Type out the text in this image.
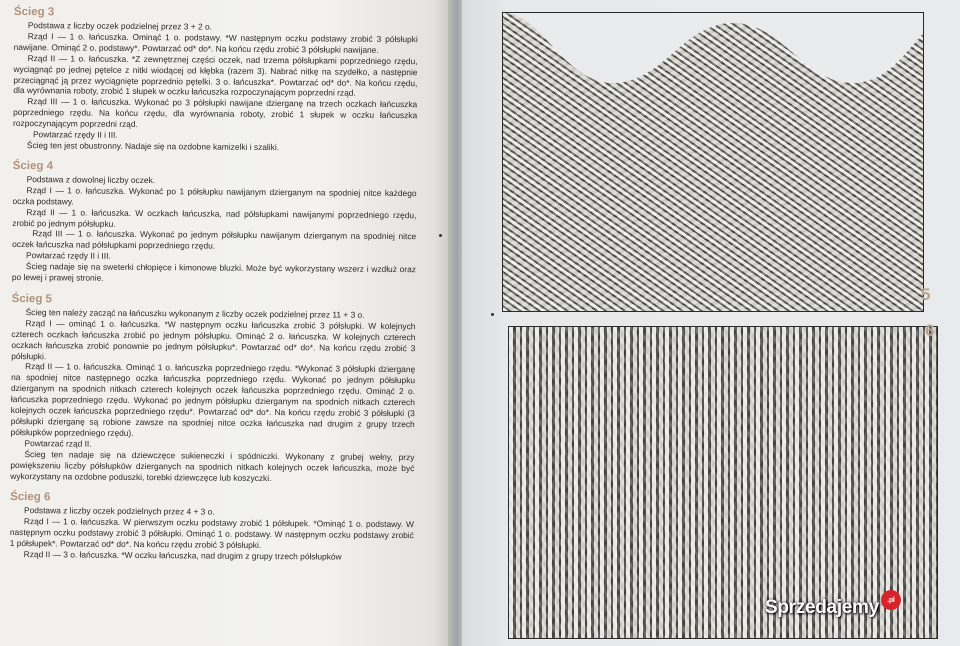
Ścieg 3

Podstawa z liczby oczek podzielnej przez 3 + 2 o.

Rząd I — 1 o. łańcuszka. Ominąć 1 o. podstawy. *W następnym oczku podstawy zrobić 3 półsłupki nawijane. Ominąć 2 o. podstawy*. Powtarzać od* do*. Na końcu rzędu zrobić 3 półsłupki nawijane.

Rząd II — 1 o. łańcuszka. *Z zewnętrznej części oczek, nad trzema półsłupkami poprzedniego rzędu, wyciągnąć po jednej pętelce z nitki wiodącej od kłębka (razem 3). Nabrać nitkę na szydełko, a następnie przeciągnąć ją przez wyciągnięte poprzednio pętelki. 3 o. łańcuszka*. Powtarzać od* do*. Na końcu rzędu, dla wyrównania roboty, zrobić 1 słupek w oczku łańcuszka rozpoczynającym poprzedni rząd.

Rząd III — 1 o. łańcuszka. Wykonać po 3 półsłupki nawijane dzierganę na trzech oczkach łańcuszka poprzedniego rzędu. Na końcu rzędu, dla wyrównania roboty, zrobić 1 słupek w oczku łańcuszka rozpoczynającym poprzedni rząd.

Powtarzać rzędy II i III.

Ścieg ten jest obustronny. Nadaje się na ozdobne kamizelki i szaliki.

Ścieg 4

Podstawa z dowolnej liczby oczek.

Rząd I — 1 o. łańcuszka. Wykonać po 1 półsłupku nawijanym dzierganym na spodniej nitce każdego oczka podstawy.

Rząd II — 1 o. łańcuszka. W oczkach łańcuszka, nad półsłupkami nawijanymi poprzedniego rzędu, zrobić po jednym półsłupku.

Rząd III — 1 o. łańcuszka. Wykonać po jednym półsłupku nawijanym dzierganym na spodniej nitce oczek łańcuszka nad półsłupkami poprzedniego rzędu.

Powtarzać rzędy II i III.

Ścieg nadaje się na sweterki chłopięce i kimonowe bluzki. Może być wykorzystany wszerz i wzdłuż oraz po lewej i prawej stronie.

Ścieg 5

Ścieg ten należy zacząć na łańcuszku wykonanym z liczby oczek podzielnej przez 11 + 3 o.

Rząd I — ominąć 1 o. łańcuszka. *W następnym oczku łańcuszka zrobić 3 półsłupki. W kolejnych czterech oczkach łańcuszka zrobić po jednym półsłupku. Ominąć 2 o. łańcuszka. W kolejnych czterech oczkach łańcuszka zrobić ponownie po jednym półsłupku*. Powtarzać od* do*. Na końcu rzędu zrobić 3 półsłupki.

Rząd II — 1 o. łańcuszka. Ominąć 1 o. łańcuszka poprzedniego rzędu. *Wykonać 3 półsłupki dzierganę na spodniej nitce następnego oczka łańcuszka poprzedniego rzędu. Wykonać po jednym półsłupku dzierganym na spodnich nitkach czterech kolejnych oczek łańcuszka poprzedniego rzędu. Ominąć 2 o. łańcuszka poprzedniego rzędu. Wykonać po jednym półsłupku dzierganym na spodnich nitkach czterech kolejnych oczek łańcuszka poprzedniego rzędu*. Powtarzać od* do*. Na końcu rzędu zrobić 3 półsłupki (3 półsłupki dzierganę są robione zawsze na spodniej nitce oczka łańcuszka nad drugim z grupy trzech półsłupków poprzedniego rzędu).

Powtarzać rząd II.

Ścieg ten nadaje się na dziewczęce sukieneczki i spódniczki. Wykonany z grubej wełny, przy powiększeniu liczby półsłupków dzierganych na spodnich nitkach kolejnych oczek łańcuszka, może być wykorzystany na ozdobne poduszki, torebki dziewczęce lub koszyczki.

Ścieg 6

Podstawa z liczby oczek podzielnych przez 4 + 3 o.

Rząd I — 1 o. łańcuszka. W pierwszym oczku podstawy zrobić 1 półsłupek. *Ominąć 1 o. podstawy. W następnym oczku podstawy zrobić 3 półsłupki. Ominąć 1 o. podstawy. W następnym oczku podstawy zrobić 1 półsłupek*. Powtarzać od* do*. Na końcu rzędu zrobić 3 półsłupki.

Rząd II — 3 o. łańcuszka. *W oczku łańcuszka, nad drugim z grupy trzech półsłupków

5
6
Sprzedajemy	.pl
